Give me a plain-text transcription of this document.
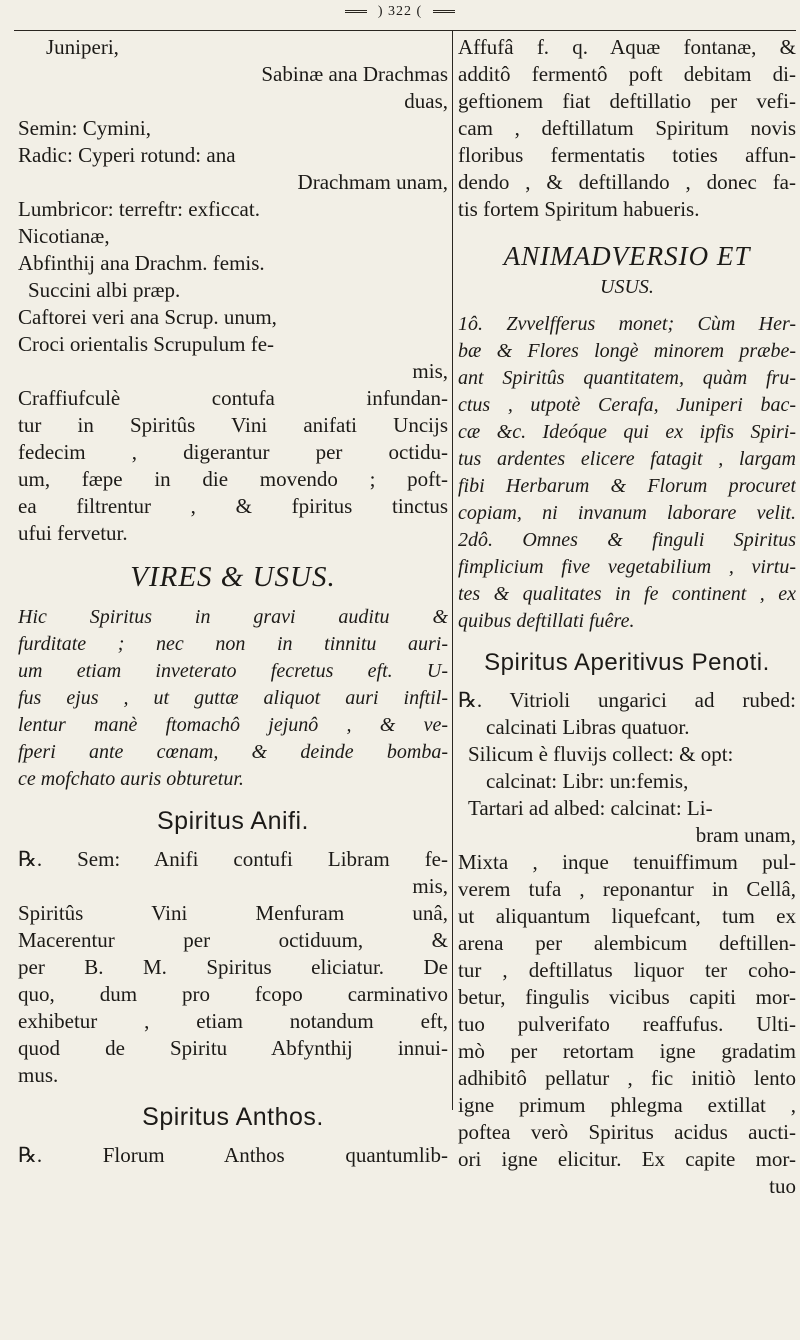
) 322 (
Juniperi,
Sabinæ ana Drachmas
duas,
Semin: Cymini,
Radic: Cyperi rotund: ana
Drachmam unam,
Lumbricor: terreftr: exficcat.
Nicotianæ,
Abfinthij ana Drachm. femis.
Succini albi præp.
Caftorei veri ana Scrup. unum,
Croci orientalis Scrupulum fe-
mis,
Craffiufculè contufa infundan-
tur in Spiritûs Vini anifati Uncijs
fedecim , digerantur per octidu-
um, fæpe in die movendo ; poft-
ea filtrentur , & fpiritus tinctus
ufui fervetur.
VIRES & USUS.
Hic Spiritus in gravi auditu &
furditate ; nec non in tinnitu auri-
um etiam inveterato fecretus eft. U-
fus ejus , ut guttæ aliquot auri inftil-
lentur manè ftomachô jejunô , & ve-
fperi ante cœnam, & deinde bomba-
ce mofchato auris obturetur.
Spiritus Anifi.
℞. Sem: Anifi contufi Libram fe-
mis,
Spiritûs Vini Menfuram unâ,
Macerentur per octiduum, &
per B. M. Spiritus eliciatur. De
quo, dum pro fcopo carminativo
exhibetur , etiam notandum eft,
quod de Spiritu Abfynthij innui-
mus.
Spiritus Anthos.
℞. Florum Anthos quantumlib-
Affufâ f. q. Aquæ fontanæ, &
additô fermentô poft debitam di-
geftionem fiat deftillatio per vefi-
cam , deftillatum Spiritum novis
floribus fermentatis toties affun-
dendo , & deftillando , donec fa-
tis fortem Spiritum habueris.
ANIMADVERSIO ET
USUS.
1ô. Zvvelfferus monet; Cùm Her-
bæ & Flores longè minorem præbe-
ant Spiritûs quantitatem, quàm fru-
ctus , utpotè Cerafa, Juniperi bac-
cæ &c. Ideóque qui ex ipfis Spiri-
tus ardentes elicere fatagit , largam
fibi Herbarum & Florum procuret
copiam, ni invanum laborare velit.
2dô. Omnes & finguli Spiritus
fimplicium five vegetabilium , virtu-
tes & qualitates in fe continent , ex
quibus deftillati fuêre.
Spiritus Aperitivus Penoti.
℞. Vitrioli ungarici ad rubed:
calcinati Libras quatuor.
Silicum è fluvijs collect: & opt:
calcinat: Libr: un:femis,
Tartari ad albed: calcinat: Li-
bram unam,
Mixta , inque tenuiffimum pul-
verem tufa , reponantur in Cellâ,
ut aliquantum liquefcant, tum ex
arena per alembicum deftillen-
tur , deftillatus liquor ter coho-
betur, fingulis vicibus capiti mor-
tuo pulverifato reaffufus. Ulti-
mò per retortam igne gradatim
adhibitô pellatur , fic initiò lento
igne primum phlegma extillat ,
poftea verò Spiritus acidus aucti-
ori igne elicitur. Ex capite mor-
tuo
